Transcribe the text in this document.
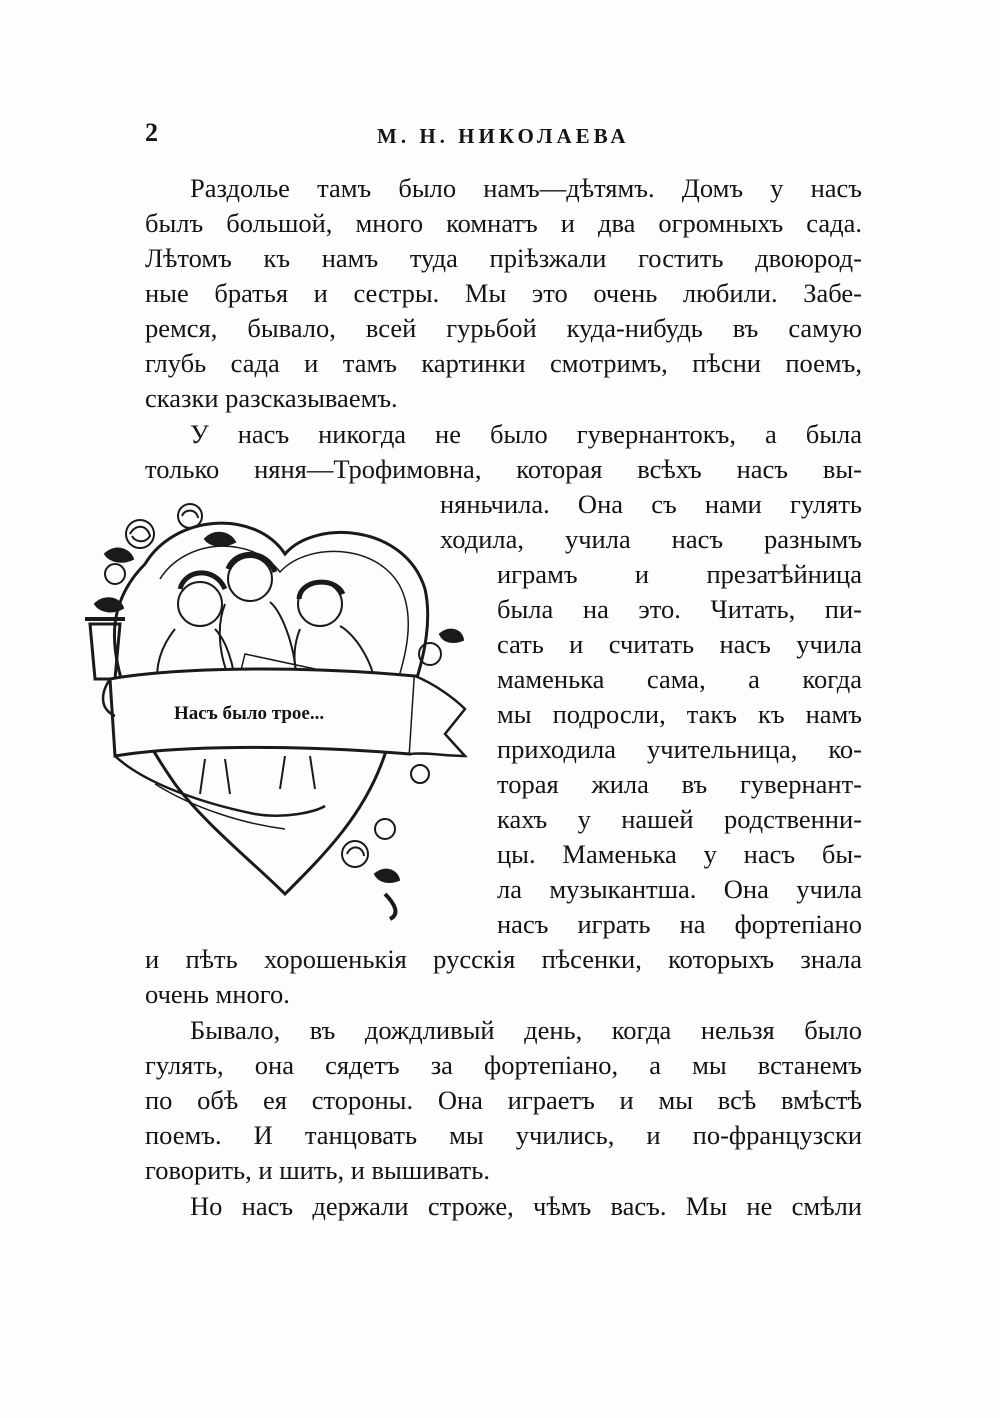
2	М. Н. НИКОЛАЕВА
Раздолье тамъ было намъ—дѣтямъ. Домъ у насъ
былъ большой, много комнатъ и два огромныхъ сада.
Лѣтомъ къ намъ туда пріѣзжали гостить двоюрод-
ные братья и сестры. Мы это очень любили. Забе-
ремся, бывало, всей гурьбой куда-нибудь въ самую
глубь сада и тамъ картинки смотримъ, пѣсни поемъ,
сказки разсказываемъ.
У насъ никогда не было гувернантокъ, а была
только няня—Трофимовна, которая всѣхъ насъ вы-
няньчила. Она съ нами гулять
ходила, учила насъ разнымъ
играмъ и презатѣйница
была на это. Читать, пи-
сать и считать насъ учила
маменька сама, а когда
мы подросли, такъ къ намъ
приходила учительница, ко-
торая жила въ гувернант-
кахъ у нашей родственни-
цы. Маменька у насъ бы-
ла музыкантша. Она учила
насъ играть на фортепіано
и пѣть хорошенькія русскія пѣсенки, которыхъ знала
очень много.
Бывало, въ дождливый день, когда нельзя было
гулять, она сядетъ за фортепіано, а мы встанемъ
по обѣ ея стороны. Она играетъ и мы всѣ вмѣстѣ
поемъ. И танцовать мы учились, и по-французски
говорить, и шить, и вышивать.
Но насъ держали строже, чѣмъ васъ. Мы не смѣли
Насъ было трое...
